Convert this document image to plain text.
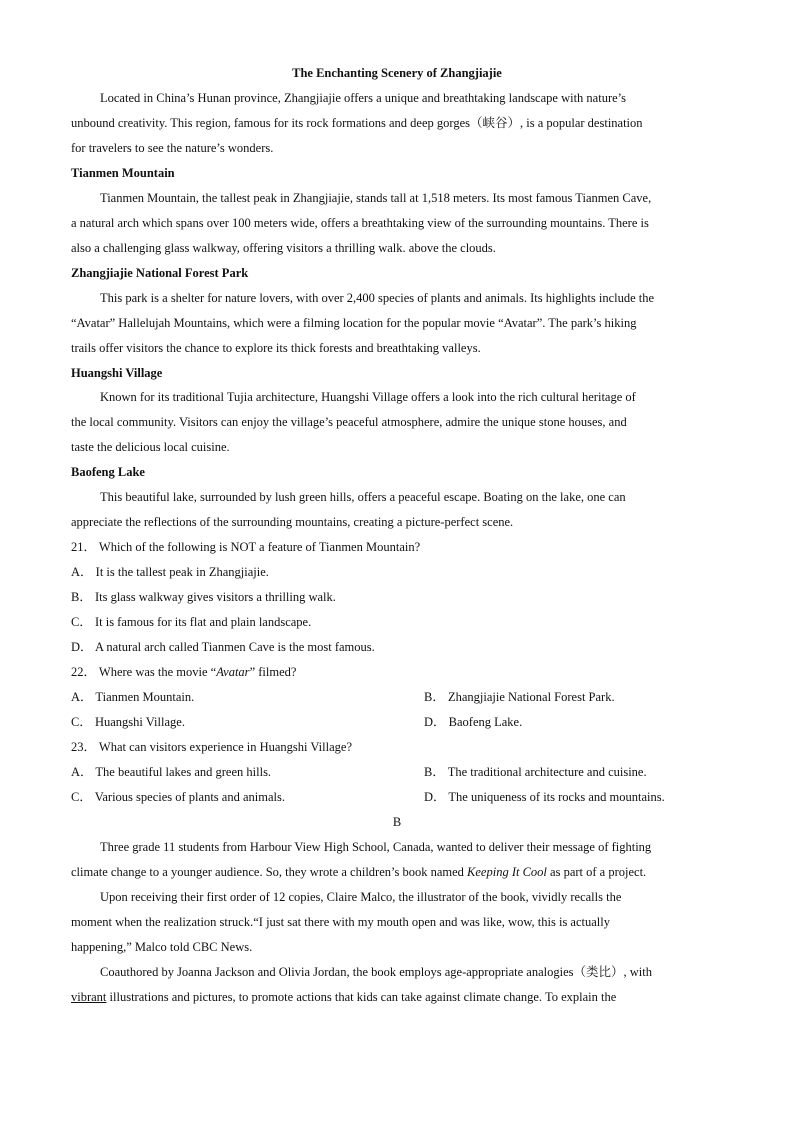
The Enchanting Scenery of Zhangjiajie
Located in China’s Hunan province, Zhangjiajie offers a unique and breathtaking landscape with nature’s
unbound creativity. This region, famous for its rock formations and deep gorges（峡谷）, is a popular destination
for travelers to see the nature’s wonders.
Tianmen Mountain
Tianmen Mountain, the tallest peak in Zhangjiajie, stands tall at 1,518 meters. Its most famous Tianmen Cave,
a natural arch which spans over 100 meters wide, offers a breathtaking view of the surrounding mountains. There is
also a challenging glass walkway, offering visitors a thrilling walk. above the clouds.
Zhangjiajie National Forest Park
This park is a shelter for nature lovers, with over 2,400 species of plants and animals. Its highlights include the
“Avatar” Hallelujah Mountains, which were a filming location for the popular movie “Avatar”. The park’s hiking
trails offer visitors the chance to explore its thick forests and breathtaking valleys.
Huangshi Village
Known for its traditional Tujia architecture, Huangshi Village offers a look into the rich cultural heritage of
the local community. Visitors can enjoy the village’s peaceful atmosphere, admire the unique stone houses, and
taste the delicious local cuisine.
Baofeng Lake
This beautiful lake, surrounded by lush green hills, offers a peaceful escape. Boating on the lake, one can
appreciate the reflections of the surrounding mountains, creating a picture-perfect scene.
21． Which of the following is NOT a feature of Tianmen Mountain?
A． It is the tallest peak in Zhangjiajie.
B． Its glass walkway gives visitors a thrilling walk.
C． It is famous for its flat and plain landscape.
D． A natural arch called Tianmen Cave is the most famous.
22． Where was the movie “Avatar” filmed?
A． Tianmen Mountain.	B． Zhangjiajie National Forest Park.
C． Huangshi Village.	D． Baofeng Lake.
23． What can visitors experience in Huangshi Village?
A． The beautiful lakes and green hills.	B． The traditional architecture and cuisine.
C． Various species of plants and animals.	D． The uniqueness of its rocks and mountains.
B
Three grade 11 students from Harbour View High School, Canada, wanted to deliver their message of fighting
climate change to a younger audience. So, they wrote a children’s book named Keeping It Cool as part of a project.
Upon receiving their first order of 12 copies, Claire Malco, the illustrator of the book, vividly recalls the
moment when the realization struck.“I just sat there with my mouth open and was like, wow, this is actually
happening,” Malco told CBC News.
Coauthored by Joanna Jackson and Olivia Jordan, the book employs age-appropriate analogies（类比）, with
vibrant illustrations and pictures, to promote actions that kids can take against climate change. To explain the
